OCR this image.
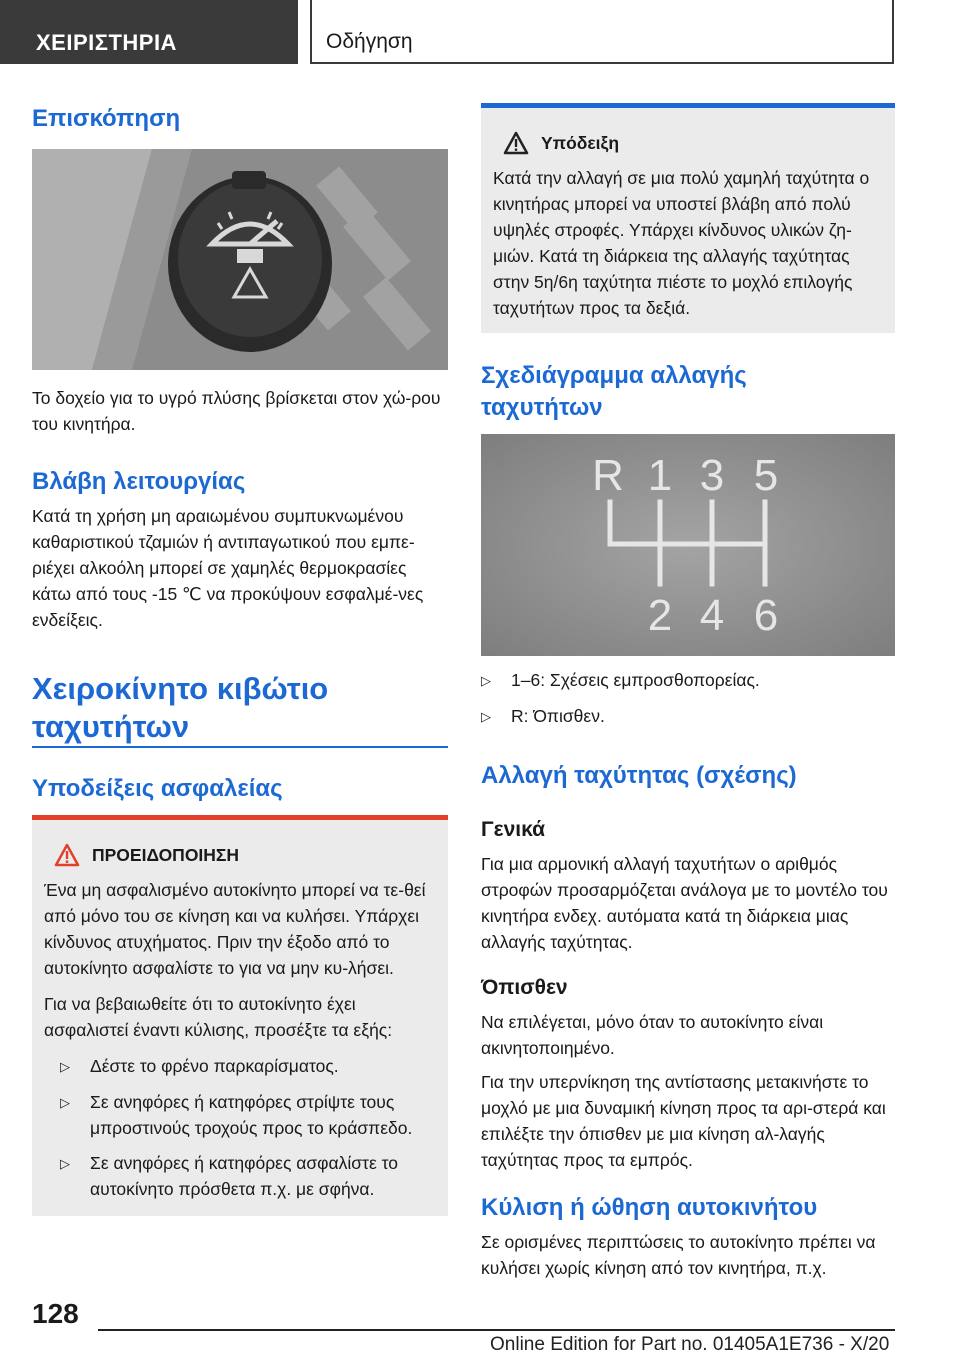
ΧΕΙΡΙΣΤΗΡΙΑ	Οδήγηση
Επισκόπηση

Το δοχείο για το υγρό πλύσης βρίσκεται στον χώ-ρου του κινητήρα.

Βλάβη λειτουργίας

Κατά τη χρήση μη αραιωμένου συμπυκνωμένου καθαριστικού τζαμιών ή αντιπαγωτικού που εμπε-ριέχει αλκοόλη μπορεί σε χαμηλές θερμοκρασίες κάτω από τους -15 ℃ να προκύψουν εσφαλμέ-νες ενδείξεις.

Χειροκίνητο κιβώτιο
ταχυτήτων
Υποδείξεις ασφαλείας
ΠΡΟΕΙΔΟΠΟΙΗΣΗ

Ένα μη ασφαλισμένο αυτοκίνητο μπορεί να τε-θεί από μόνο του σε κίνηση και να κυλήσει. Υπάρχει κίνδυνος ατυχήματος. Πριν την έξοδο από το αυτοκίνητο ασφαλίστε το για να μην κυ-λήσει.

Για να βεβαιωθείτε ότι το αυτοκίνητο έχει ασφαλιστεί έναντι κύλισης, προσέξτε τα εξής:

▷	Δέστε το φρένο παρκαρίσματος.
▷	Σε ανηφόρες ή κατηφόρες στρίψτε τους μπροστινούς τροχούς προς το κράσπεδο.
▷	Σε ανηφόρες ή κατηφόρες ασφαλίστε το αυτοκίνητο πρόσθετα π.χ. με σφήνα.
Υπόδειξη

Κατά την αλλαγή σε μια πολύ χαμηλή ταχύτητα ο κινητήρας μπορεί να υποστεί βλάβη από πολύ υψηλές στροφές. Υπάρχει κίνδυνος υλικών ζη-μιών. Κατά τη διάρκεια της αλλαγής ταχύτητας στην 5η/6η ταχύτητα πιέστε το μοχλό επιλογής ταχυτήτων προς τα δεξιά.

Σχεδιάγραμμα αλλαγής
ταχυτήτων
R 1 3 5
2 4 6
▷	1–6: Σχέσεις εμπροσθοπορείας.
▷	R: Όπισθεν.
Αλλαγή ταχύτητας (σχέσης)
Γενικά

Για μια αρμονική αλλαγή ταχυτήτων ο αριθμός στροφών προσαρμόζεται ανάλογα με το μοντέλο του κινητήρα ενδεχ. αυτόματα κατά τη διάρκεια μιας αλλαγής ταχύτητας.

Όπισθεν

Να επιλέγεται, μόνο όταν το αυτοκίνητο είναι ακινητοποιημένο.

Για την υπερνίκηση της αντίστασης μετακινήστε το μοχλό με μια δυναμική κίνηση προς τα αρι-στερά και επιλέξτε την όπισθεν με μια κίνηση αλ-λαγής ταχύτητας προς τα εμπρός.

Κύλιση ή ώθηση αυτοκινήτου

Σε ορισμένες περιπτώσεις το αυτοκίνητο πρέπει να κυλήσει χωρίς κίνηση από τον κινητήρα, π.χ.

128
Online Edition for Part no. 01405A1E736 - X/20
